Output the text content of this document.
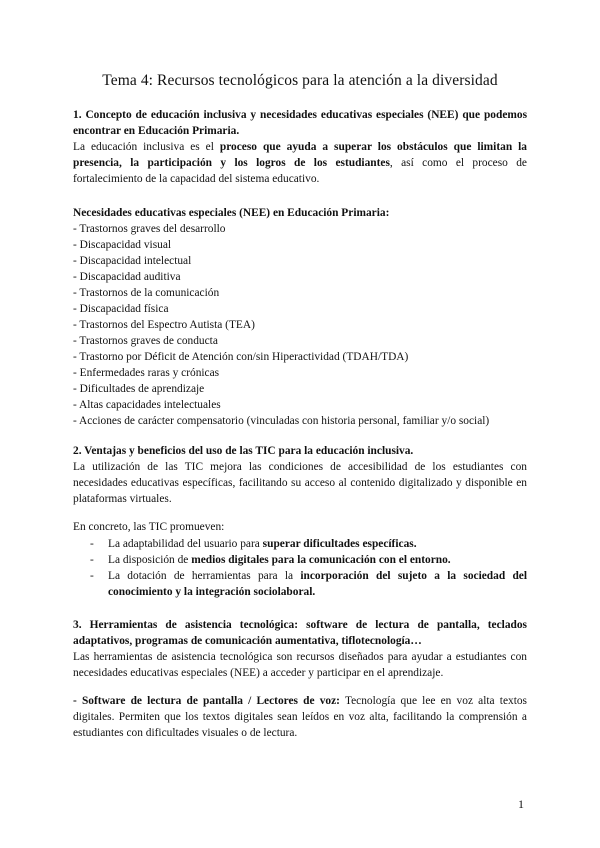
Tema 4: Recursos tecnológicos para la atención a la diversidad
1. Concepto de educación inclusiva y necesidades educativas especiales (NEE) que podemos encontrar en Educación Primaria.
La educación inclusiva es el proceso que ayuda a superar los obstáculos que limitan la presencia, la participación y los logros de los estudiantes, así como el proceso de fortalecimiento de la capacidad del sistema educativo.
Necesidades educativas especiales (NEE) en Educación Primaria:
- Trastornos graves del desarrollo
- Discapacidad visual
- Discapacidad intelectual
- Discapacidad auditiva
- Trastornos de la comunicación
- Discapacidad física
- Trastornos del Espectro Autista (TEA)
- Trastornos graves de conducta
- Trastorno por Déficit de Atención con/sin Hiperactividad (TDAH/TDA)
- Enfermedades raras y crónicas
- Dificultades de aprendizaje
- Altas capacidades intelectuales
- Acciones de carácter compensatorio (vinculadas con historia personal, familiar y/o social)
2. Ventajas y beneficios del uso de las TIC para la educación inclusiva.
La utilización de las TIC mejora las condiciones de accesibilidad de los estudiantes con necesidades educativas específicas, facilitando su acceso al contenido digitalizado y disponible en plataformas virtuales.
En concreto, las TIC promueven:
- La adaptabilidad del usuario para superar dificultades específicas.
- La disposición de medios digitales para la comunicación con el entorno.
- La dotación de herramientas para la incorporación del sujeto a la sociedad del conocimiento y la integración sociolaboral.
3. Herramientas de asistencia tecnológica: software de lectura de pantalla, teclados adaptativos, programas de comunicación aumentativa, tiflotecnología…
Las herramientas de asistencia tecnológica son recursos diseñados para ayudar a estudiantes con necesidades educativas especiales (NEE) a acceder y participar en el aprendizaje.
- Software de lectura de pantalla / Lectores de voz: Tecnología que lee en voz alta textos digitales. Permiten que los textos digitales sean leídos en voz alta, facilitando la comprensión a estudiantes con dificultades visuales o de lectura.
1
